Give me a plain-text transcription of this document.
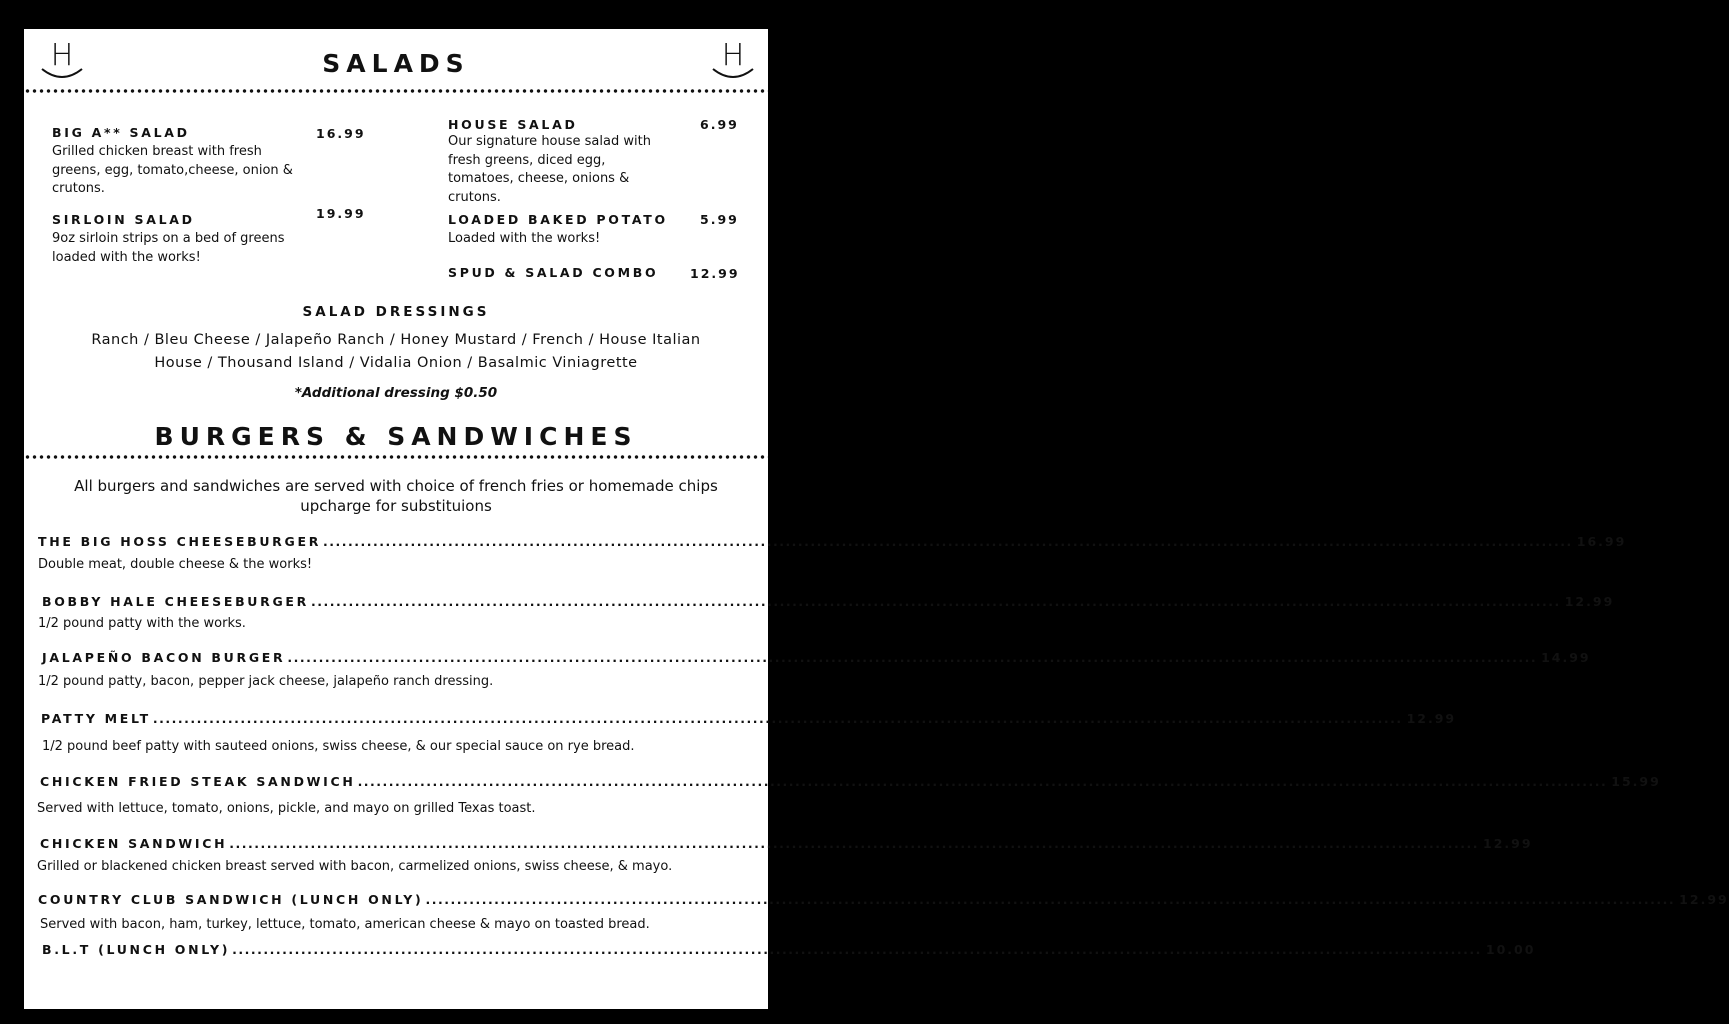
H	H
SALADS
BIG A** SALAD	16.99
Grilled chicken breast with fresh greens, egg, tomato,cheese, onion & crutons.
SIRLOIN SALAD	19.99
9oz sirloin strips on a bed of greens loaded with the works!
HOUSE SALAD	6.99
Our signature house salad with fresh greens, diced egg, tomatoes, cheese, onions & crutons.
LOADED BAKED POTATO	5.99
Loaded with the works!
SPUD & SALAD COMBO	12.99
SALAD DRESSINGS
Ranch / Bleu Cheese / Jalapeño Ranch / Honey Mustard / French / House Italian
House / Thousand Island / Vidalia Onion / Basalmic Viniagrette
*Additional dressing $0.50
BURGERS & SANDWICHES
All burgers and sandwiches are served with choice of french fries or homemade chips
upcharge for substituions
THE BIG HOSS CHEESEBURGER ........................................................................................................................................................................................................ 16.99
Double meat, double cheese & the works!
BOBBY HALE CHEESEBURGER ........................................................................................................................................................................................................ 12.99
1/2 pound patty with the works.
JALAPEÑO BACON BURGER ........................................................................................................................................................................................................ 14.99
1/2 pound patty, bacon, pepper jack cheese, jalapeño ranch dressing.
PATTY MELT ........................................................................................................................................................................................................ 12.99
1/2 pound beef patty with sauteed onions, swiss cheese, & our special sauce on rye bread.
CHICKEN FRIED STEAK SANDWICH ........................................................................................................................................................................................................ 15.99
Served with lettuce, tomato, onions, pickle, and mayo on grilled Texas toast.
CHICKEN SANDWICH ........................................................................................................................................................................................................ 12.99
Grilled or blackened chicken breast served with bacon, carmelized onions, swiss cheese, & mayo.
COUNTRY CLUB SANDWICH (LUNCH ONLY) ........................................................................................................................................................................................................ 12.99
Served with bacon, ham, turkey, lettuce, tomato, american cheese & mayo on toasted bread.
B.L.T (LUNCH ONLY) ........................................................................................................................................................................................................ 10.00
